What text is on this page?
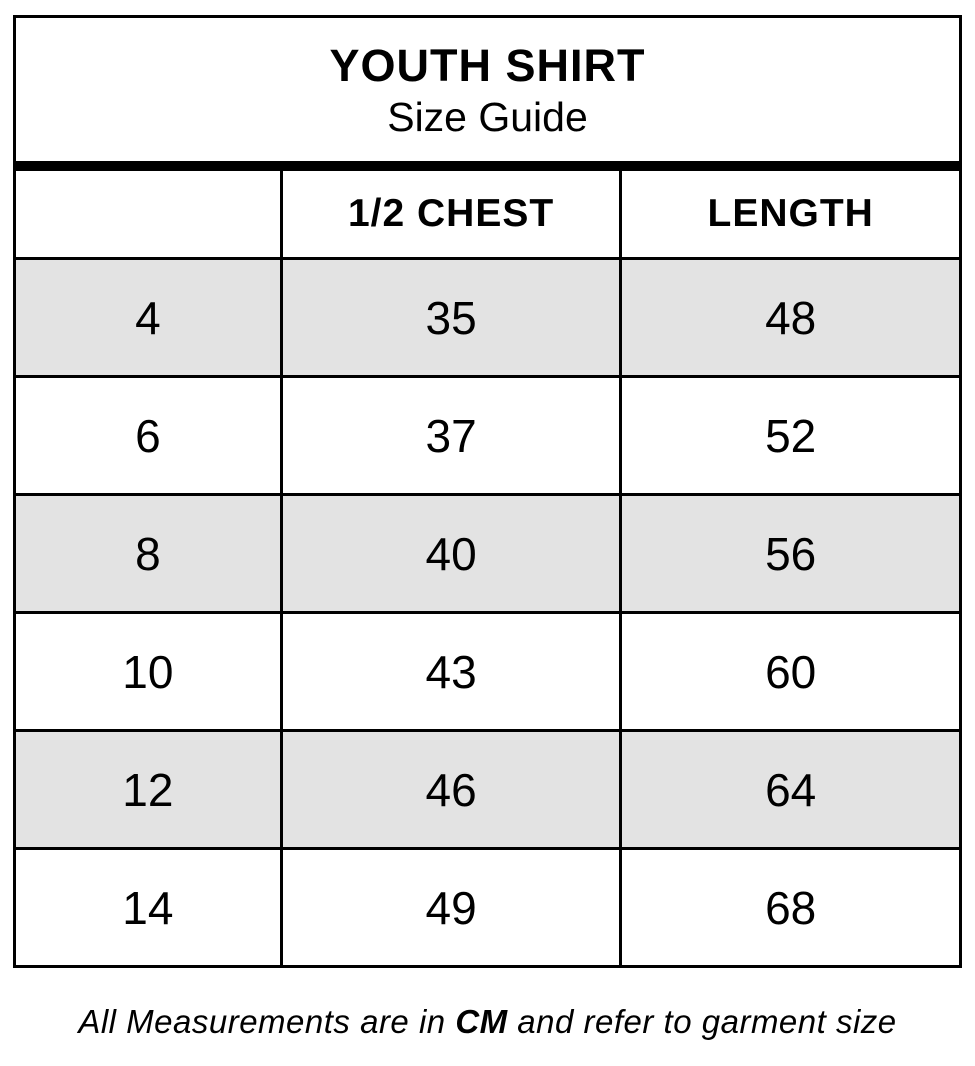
YOUTH SHIRT
Size Guide		

	1/2 CHEST	LENGTH
4	35	48
6	37	52
8	40	56
10	43	60
12	46	64
14	49	68
All Measurements are in CM and refer to garment size
